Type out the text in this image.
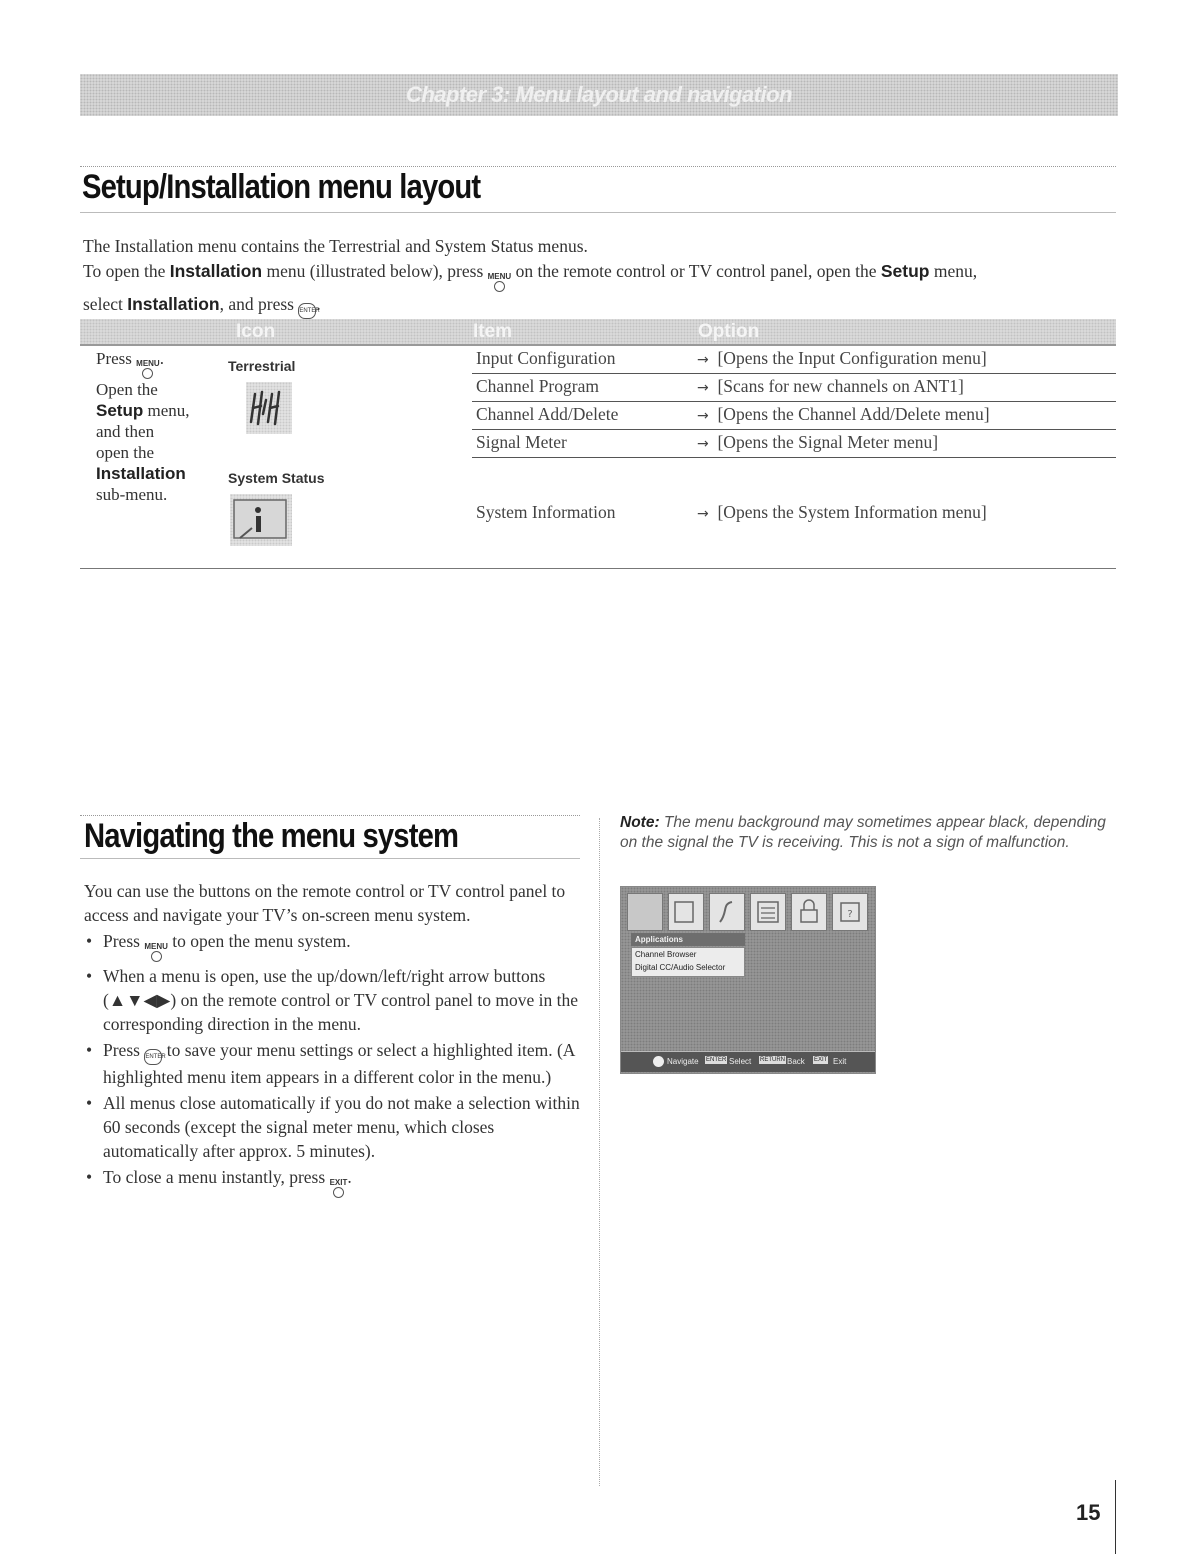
Chapter 3: Menu layout and navigation
Setup/Installation menu layout
The Installation menu contains the Terrestrial and System Status menus.
To open the Installation menu (illustrated below), press MENU on the remote control or TV control panel, open the Setup menu,
select Installation, and press ENTER.
Icon	Item	Option
Press MENU .
Open the
Setup menu,
and then
open the
Installation
sub-menu.
Terrestrial
System Status
Input Configuration	→ [Opens the Input Configuration menu]
Channel Program	→ [Scans for new channels on ANT1]
Channel Add/Delete	→ [Opens the Channel Add/Delete menu]
Signal Meter	→ [Opens the Signal Meter menu]
System Information	→ [Opens the System Information menu]
Navigating the menu system
You can use the buttons on the remote control or TV control panel to access and navigate your TV’s on-screen menu system.
• Press MENU to open the menu system.
• When a menu is open, use the up/down/left/right arrow buttons (▲▼◀▶) on the remote control or TV control panel to move in the corresponding direction in the menu.
• Press ENTER to save your menu settings or select a highlighted item. (A highlighted menu item appears in a different color in the menu.)
• All menus close automatically if you do not make a selection within 60 seconds (except the signal meter menu, which closes automatically after approx. 5 minutes).
• To close a menu instantly, press EXIT .
Note: The menu background may sometimes appear black, depending on the signal the TV is receiving. This is not a sign of malfunction.
?
Applications
Channel Browser
Digital CC/Audio Selector
Navigate ENTER Select RETURN Back EXIT Exit
15
